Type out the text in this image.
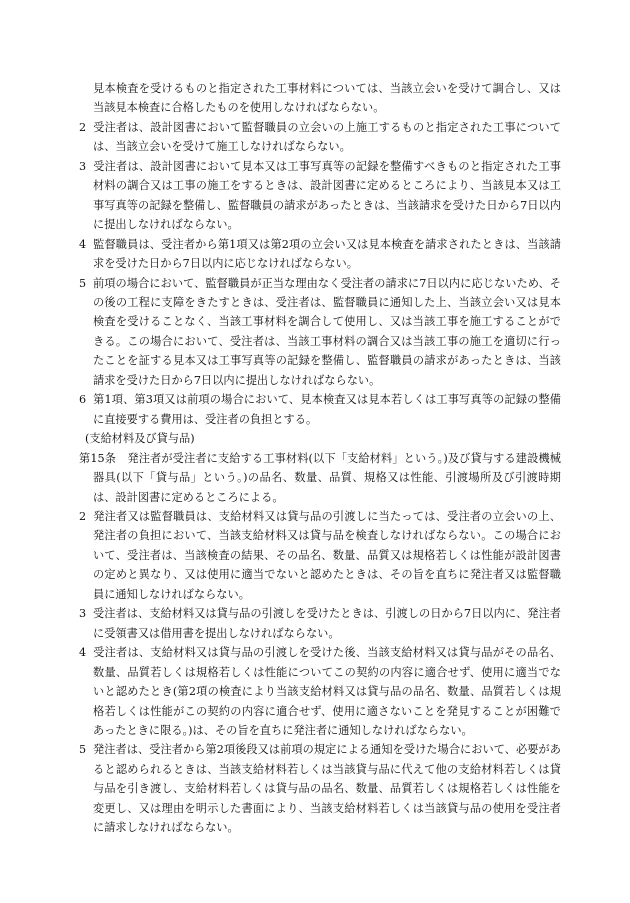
見本検査を受けるものと指定された工事材料については、当該立会いを受けて調合し、又は当該見本検査に合格したものを使用しなければならない。

2 受注者は、設計図書において監督職員の立会いの上施工するものと指定された工事については、当該立会いを受けて施工しなければならない。

3 受注者は、設計図書において見本又は工事写真等の記録を整備すべきものと指定された工事材料の調合又は工事の施工をするときは、設計図書に定めるところにより、当該見本又は工事写真等の記録を整備し、監督職員の請求があったときは、当該請求を受けた日から7日以内に提出しなければならない。

4 監督職員は、受注者から第1項又は第2項の立会い又は見本検査を請求されたときは、当該請求を受けた日から7日以内に応じなければならない。

5 前項の場合において、監督職員が正当な理由なく受注者の請求に7日以内に応じないため、その後の工程に支障をきたすときは、受注者は、監督職員に通知した上、当該立会い又は見本検査を受けることなく、当該工事材料を調合して使用し、又は当該工事を施工することができる。この場合において、受注者は、当該工事材料の調合又は当該工事の施工を適切に行ったことを証する見本又は工事写真等の記録を整備し、監督職員の請求があったときは、当該請求を受けた日から7日以内に提出しなければならない。

6 第1項、第3項又は前項の場合において、見本検査又は見本若しくは工事写真等の記録の整備に直接要する費用は、受注者の負担とする。

(支給材料及び貸与品)

第15条　発注者が受注者に支給する工事材料(以下「支給材料」という。)及び貸与する建設機械器具(以下「貸与品」という。)の品名、数量、品質、規格又は性能、引渡場所及び引渡時期は、設計図書に定めるところによる。

2 発注者又は監督職員は、支給材料又は貸与品の引渡しに当たっては、受注者の立会いの上、発注者の負担において、当該支給材料又は貸与品を検査しなければならない。この場合において、受注者は、当該検査の結果、その品名、数量、品質又は規格若しくは性能が設計図書の定めと異なり、又は使用に適当でないと認めたときは、その旨を直ちに発注者又は監督職員に通知しなければならない。

3 受注者は、支給材料又は貸与品の引渡しを受けたときは、引渡しの日から7日以内に、発注者に受領書又は借用書を提出しなければならない。

4 受注者は、支給材料又は貸与品の引渡しを受けた後、当該支給材料又は貸与品がその品名、数量、品質若しくは規格若しくは性能についてこの契約の内容に適合せず、使用に適当でないと認めたとき(第2項の検査により当該支給材料又は貸与品の品名、数量、品質若しくは規格若しくは性能がこの契約の内容に適合せず、使用に適さないことを発見することが困難であったときに限る。)は、その旨を直ちに発注者に通知しなければならない。

5 発注者は、受注者から第2項後段又は前項の規定による通知を受けた場合において、必要があると認められるときは、当該支給材料若しくは当該貸与品に代えて他の支給材料若しくは貸与品を引き渡し、支給材料若しくは貸与品の品名、数量、品質若しくは規格若しくは性能を変更し、又は理由を明示した書面により、当該支給材料若しくは当該貸与品の使用を受注者に請求しなければならない。
